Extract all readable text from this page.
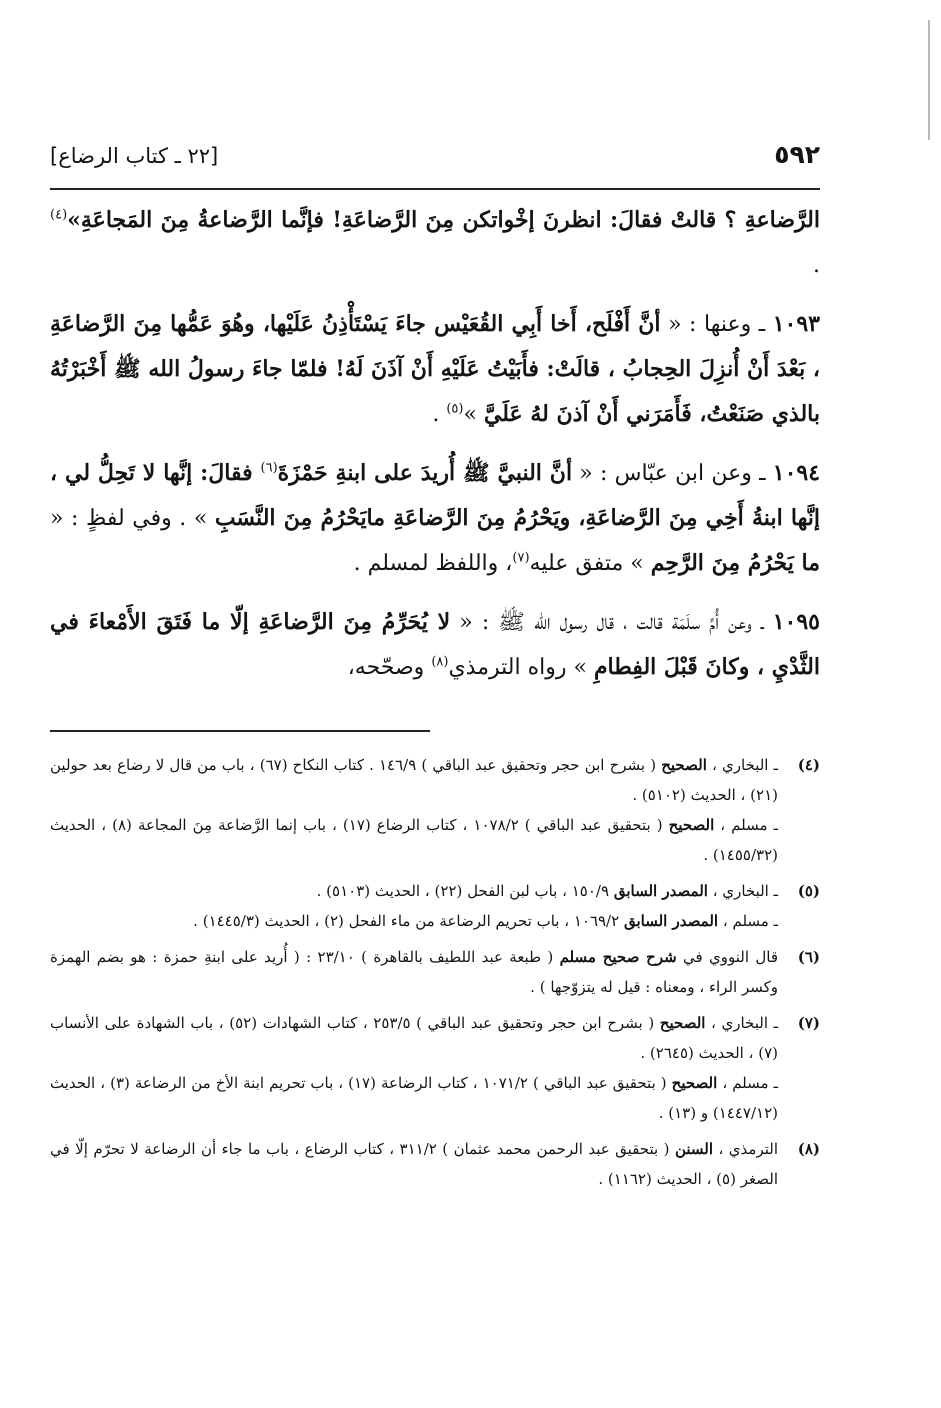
٥٩٢
[٢٢ ـ كتاب الرضاع]

الرَّضاعةِ ؟ قالتْ فقالَ: انظرنَ إخْواتكن مِنَ الرَّضاعَةِ! فإنَّما الرَّضاعةُ مِنَ المَجاعَةِ»$^{(٤)}$ .

١٠٩٣ ـ وعنها : « أنَّ أَفْلَح، أَخا أَبِي القُعَيْس جاءَ يَسْتَأْذِنُ عَلَيْها، وهُوَ عَمُّها مِنَ الرَّضاعَةِ ، بَعْدَ أَنْ أُنزِلَ الحِجابُ ، قالَتْ: فأَبَيْتُ عَلَيْهِ أَنْ آذَنَ لَهُ! فلمّا جاءَ رسولُ الله ﷺ أَخْبَرْتُهُ بالذي صَنَعْتُ، فَأَمَرَني أَنْ آذنَ لهُ عَلَيَّ »$^{(٥)}$ .

١٠٩٤ ـ وعن ابن عبّاس : « أنَّ النبيَّ ﷺ أُريدَ على ابنةِ حَمْزَةَ$^{(٦)}$ فقالَ: إنَّها لا تَحِلُّ لي ، إنَّها ابنةُ أَخِي مِنَ الرَّضاعَةِ، ويَحْرُمُ مِنَ الرَّضاعَةِ مايَحْرُمُ مِنَ النَّسَبِ » . وفي لفظٍ : « ما يَحْرُمُ مِنَ الرَّحِم » متفق عليه$^{(٧)}$، واللفظ لمسلم .

١٠٩٥ ـ وعن أُمِّ سلَمَة قالت ، قال رسول الله ﷺ : « لا يُحَرِّمُ مِنَ الرَّضاعَةِ إلّا ما فَتَقَ الأَمْعاءَ في الثَّدْيِ ، وكانَ قَبْلَ الفِطامِ » رواه الترمذي$^{(٨)}$ وصحّحه،

(٤)

ـ البخاري ، الصحيح ( بشرح ابن حجر وتحقيق عبد الباقي ) ١٤٦/٩ . كتاب النكاح (٦٧) ، باب من قال لا رضاع بعد حولين (٢١) ، الحديث (٥١٠٢) .

ـ مسلم ، الصحيح ( بتحقيق عبد الباقي ) ١٠٧٨/٢ ، كتاب الرضاع (١٧) ، باب إنما الرَّضاعة مِنَ المجاعة (٨) ، الحديث (١٤٥٥/٣٢) .

(٥)

ـ البخاري ، المصدر السابق ١٥٠/٩ ، باب لبن الفحل (٢٢) ، الحديث (٥١٠٣) .

ـ مسلم ، المصدر السابق ١٠٦٩/٢ ، باب تحريم الرضاعة من ماء الفحل (٢) ، الحديث (١٤٤٥/٣) .

(٦)

قال النووي في شرح صحيح مسلم ( طبعة عبد اللطيف بالقاهرة ) ٢٣/١٠ : ( أُريد على ابنةِ حمزة : هو بضم الهمزة وكسر الراء ، ومعناه : قيل له يتزوّجها ) .

(٧)

ـ البخاري ، الصحيح ( بشرح ابن حجر وتحقيق عبد الباقي ) ٢٥٣/٥ ، كتاب الشهادات (٥٢) ، باب الشهادة على الأنساب (٧) ، الحديث (٢٦٤٥) .

ـ مسلم ، الصحيح ( بتحقيق عبد الباقي ) ١٠٧١/٢ ، كتاب الرضاعة (١٧) ، باب تحريم ابنة الأخ من الرضاعة (٣) ، الحديث (١٤٤٧/١٢) و (١٣) .

(٨)

الترمذي ، السنن ( بتحقيق عبد الرحمن محمد عثمان ) ٣١١/٢ ، كتاب الرضاع ، باب ما جاء أن الرضاعة لا تحرّم إلّا في الصغر (٥) ، الحديث (١١٦٢) .
